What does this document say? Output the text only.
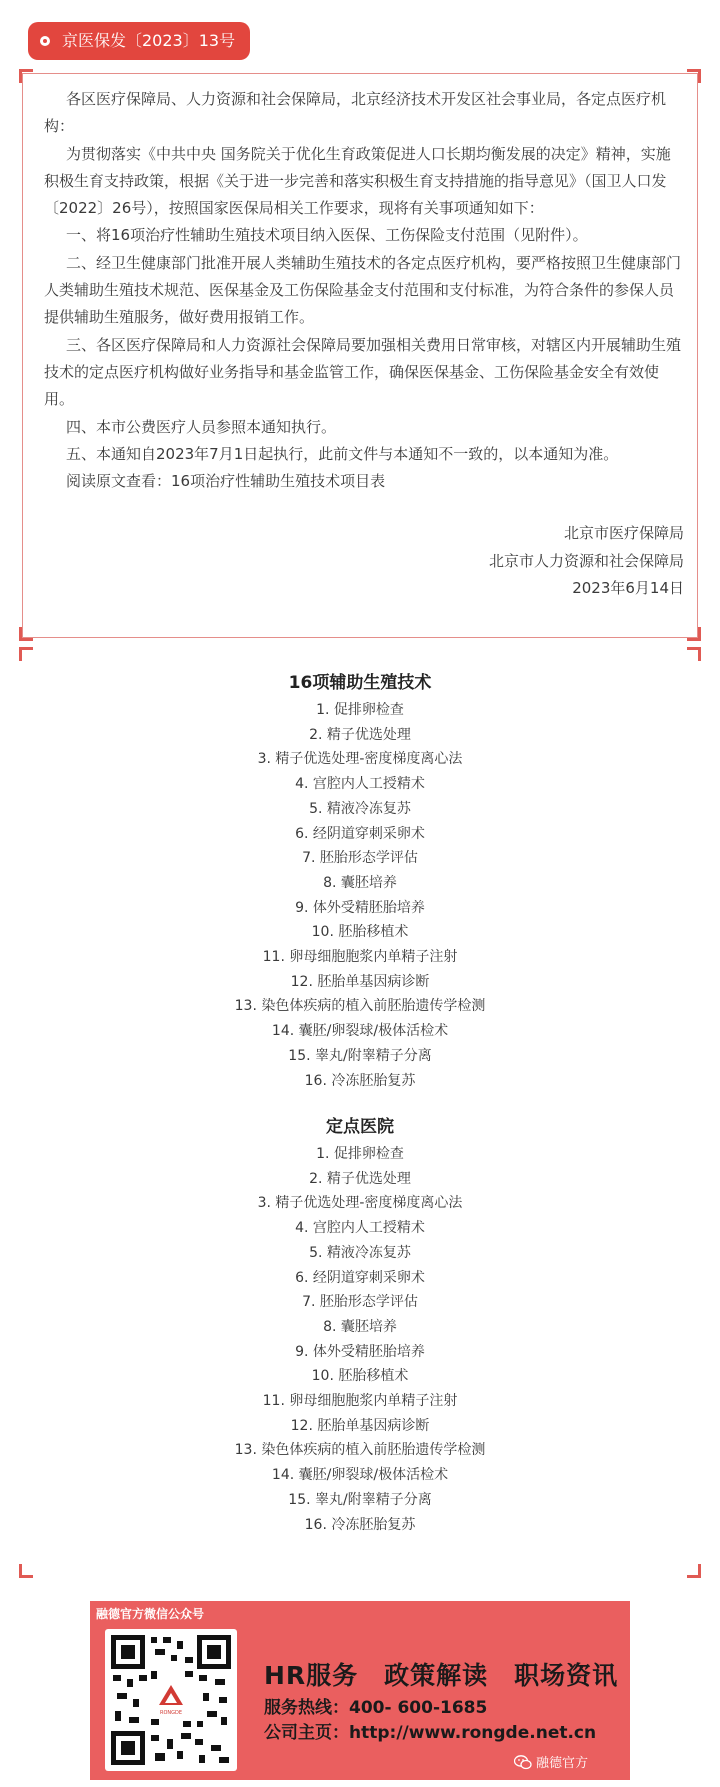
京医保发〔2023〕13号

各区医疗保障局、人力资源和社会保障局，北京经济技术开发区社会事业局，各定点医疗机构：

为贯彻落实《中共中央 国务院关于优化生育政策促进人口长期均衡发展的决定》精神，实施积极生育支持政策，根据《关于进一步完善和落实积极生育支持措施的指导意见》（国卫人口发〔2022〕26号），按照国家医保局相关工作要求，现将有关事项通知如下：

一、将16项治疗性辅助生殖技术项目纳入医保、工伤保险支付范围（见附件）。

二、经卫生健康部门批准开展人类辅助生殖技术的各定点医疗机构，要严格按照卫生健康部门人类辅助生殖技术规范、医保基金及工伤保险基金支付范围和支付标准，为符合条件的参保人员提供辅助生殖服务，做好费用报销工作。

三、各区医疗保障局和人力资源社会保障局要加强相关费用日常审核，对辖区内开展辅助生殖技术的定点医疗机构做好业务指导和基金监管工作，确保医保基金、工伤保险基金安全有效使用。

四、本市公费医疗人员参照本通知执行。

五、本通知自2023年7月1日起执行，此前文件与本通知不一致的，以本通知为准。

阅读原文查看：16项治疗性辅助生殖技术项目表

北京市医疗保障局
北京市人力资源和社会保障局
2023年6月14日
16项辅助生殖技术
1. 促排卵检查
2. 精子优选处理
3. 精子优选处理-密度梯度离心法
4. 宫腔内人工授精术
5. 精液冷冻复苏
6. 经阴道穿刺采卵术
7. 胚胎形态学评估
8. 囊胚培养
9. 体外受精胚胎培养
10. 胚胎移植术
11. 卵母细胞胞浆内单精子注射
12. 胚胎单基因病诊断
13. 染色体疾病的植入前胚胎遗传学检测
14. 囊胚/卵裂球/极体活检术
15. 睾丸/附睾精子分离
16. 冷冻胚胎复苏
定点医院
1. 促排卵检查
2. 精子优选处理
3. 精子优选处理-密度梯度离心法
4. 宫腔内人工授精术
5. 精液冷冻复苏
6. 经阴道穿刺采卵术
7. 胚胎形态学评估
8. 囊胚培养
9. 体外受精胚胎培养
10. 胚胎移植术
11. 卵母细胞胞浆内单精子注射
12. 胚胎单基因病诊断
13. 染色体疾病的植入前胚胎遗传学检测
14. 囊胚/卵裂球/极体活检术
15. 睾丸/附睾精子分离
16. 冷冻胚胎复苏
融德官方微信公众号
RONGDE
HR服务　政策解读　职场资讯
服务热线：400- 600-1685
公司主页：http://www.rongde.net.cn
融德官方
